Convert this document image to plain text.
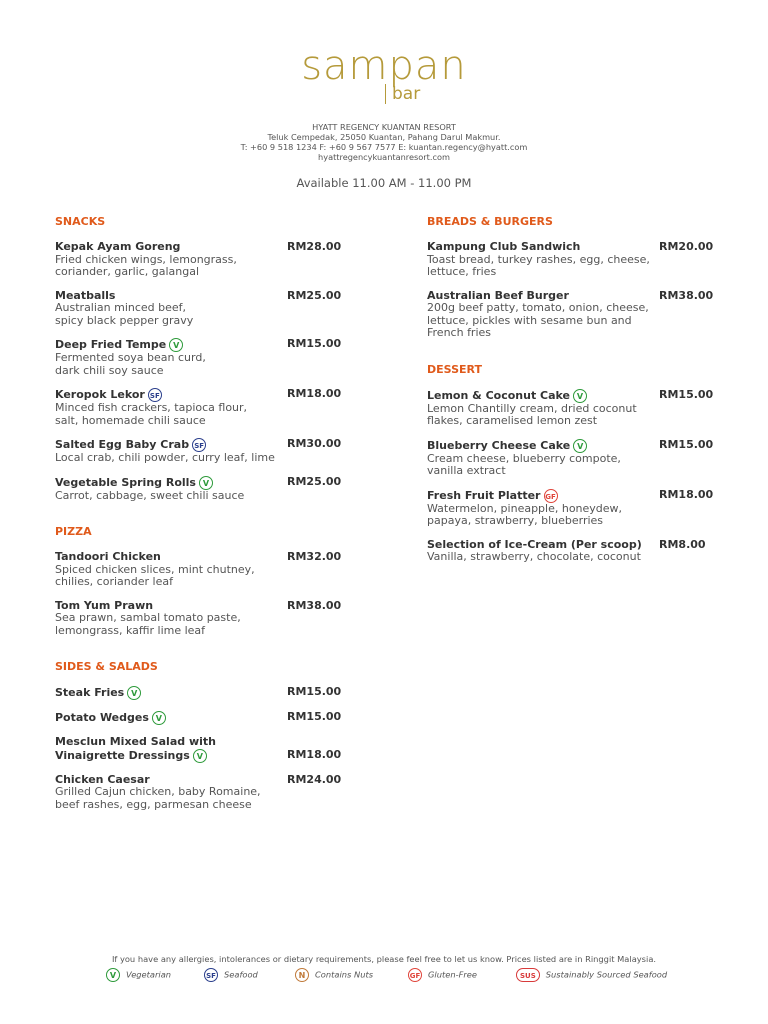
sampan
bar
HYATT REGENCY KUANTAN RESORT
Teluk Cempedak, 25050 Kuantan, Pahang Darul Makmur.
T: +60 9 518 1234 F: +60 9 567 7577 E: kuantan.regency@hyatt.com
hyattregencykuantanresort.com
Available 11.00 AM - 11.00 PM
SNACKS
Kepak Ayam Goreng
Fried chicken wings, lemongrass,
coriander, garlic, galangal
RM28.00
Meatballs
Australian minced beef,
spicy black pepper gravy
RM25.00
Deep Fried Tempe V
Fermented soya bean curd,
dark chili soy sauce
RM15.00
Keropok Lekor SF
Minced fish crackers, tapioca flour,
salt, homemade chili sauce
RM18.00
Salted Egg Baby Crab SF
Local crab, chili powder, curry leaf, lime
RM30.00
Vegetable Spring Rolls V
Carrot, cabbage, sweet chili sauce
RM25.00
PIZZA
Tandoori Chicken
Spiced chicken slices, mint chutney,
chilies, coriander leaf
RM32.00
Tom Yum Prawn
Sea prawn, sambal tomato paste,
lemongrass, kaffir lime leaf
RM38.00
SIDES & SALADS
Steak Fries V	RM15.00
Potato Wedges V	RM15.00
Mesclun Mixed Salad with
Vinaigrette Dressings V	RM18.00
Chicken Caesar
Grilled Cajun chicken, baby Romaine,
beef rashes, egg, parmesan cheese
RM24.00
BREADS & BURGERS
Kampung Club Sandwich
Toast bread, turkey rashes, egg, cheese,
lettuce, fries
RM20.00
Australian Beef Burger
200g beef patty, tomato, onion, cheese,
lettuce, pickles with sesame bun and
French fries
RM38.00
DESSERT
Lemon & Coconut Cake V
Lemon Chantilly cream, dried coconut
flakes, caramelised lemon zest
RM15.00
Blueberry Cheese Cake V
Cream cheese, blueberry compote,
vanilla extract
RM15.00
Fresh Fruit Platter GF
Watermelon, pineapple, honeydew,
papaya, strawberry, blueberries
RM18.00
Selection of Ice-Cream (Per scoop)
Vanilla, strawberry, chocolate, coconut
RM8.00
If you have any allergies, intolerances or dietary requirements, please feel free to let us know. Prices listed are in Ringgit Malaysia.
V Vegetarian	SF Seafood	N Contains Nuts	GF Gluten-Free	SUS Sustainably Sourced Seafood
